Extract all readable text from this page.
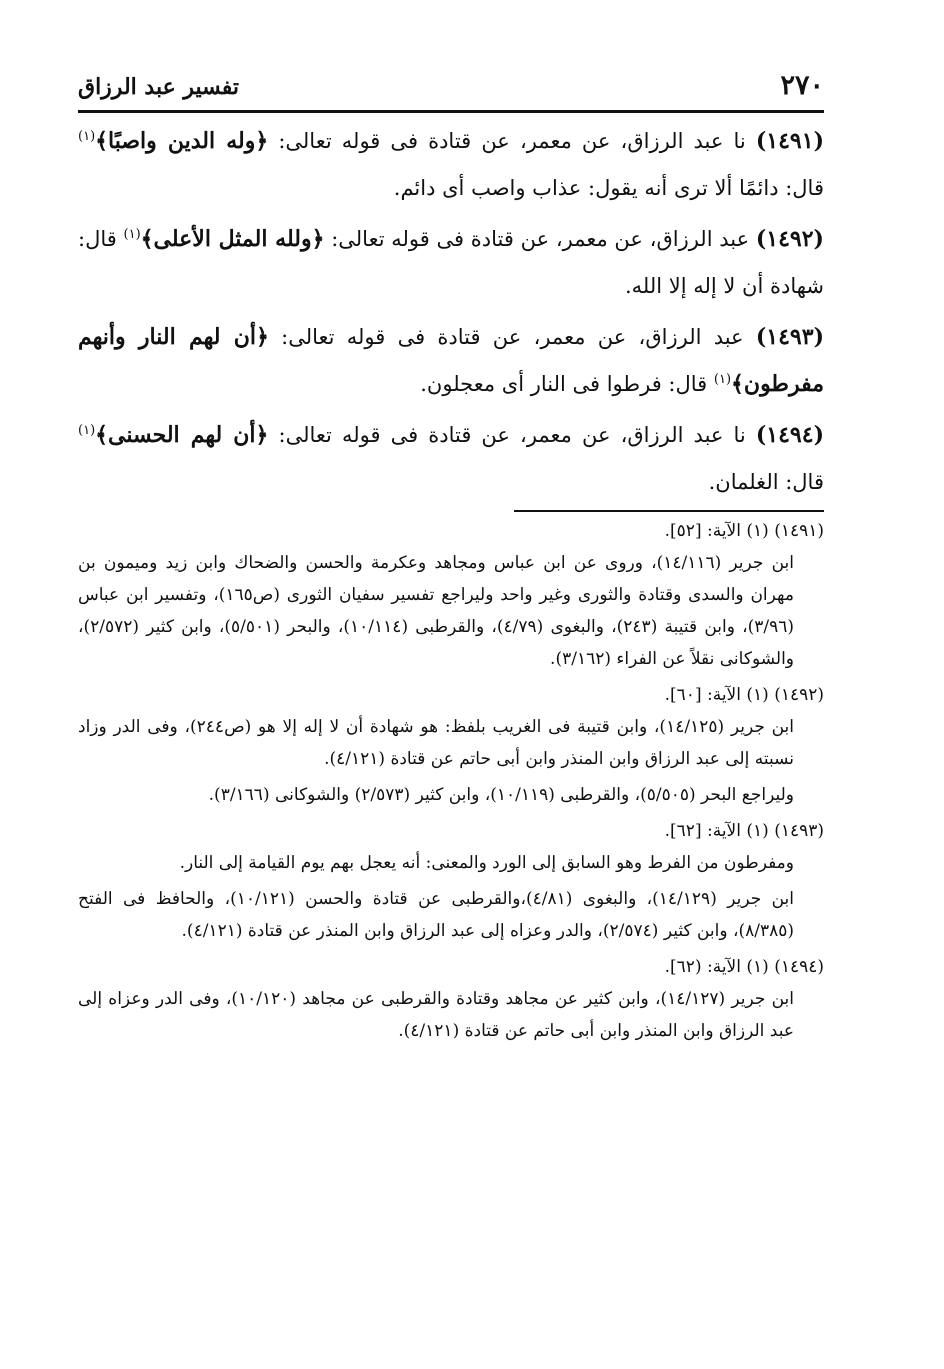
٢٧٠
تفسير عبد الرزاق

(١٤٩١) نا عبد الرزاق، عن معمر، عن قتادة فى قوله تعالى: ﴿وله الدين واصبًا﴾$^{(١)}$ قال: دائمًا ألا ترى أنه يقول: عذاب واصب أى دائم.

(١٤٩٢) عبد الرزاق، عن معمر، عن قتادة فى قوله تعالى: ﴿ولله المثل الأعلى﴾$^{(١)}$ قال: شهادة أن لا إله إلا الله.

(١٤٩٣) عبد الرزاق، عن معمر، عن قتادة فى قوله تعالى: ﴿أن لهم النار وأنهم مفرطون﴾$^{(١)}$ قال: فرطوا فى النار أى معجلون.

(١٤٩٤) نا عبد الرزاق، عن معمر، عن قتادة فى قوله تعالى: ﴿أن لهم الحسنى﴾$^{(١)}$ قال: الغلمان.

(١٤٩١) (١) الآية: [٥٢].

ابن جرير (١٤/١١٦)، وروى عن ابن عباس ومجاهد وعكرمة والحسن والضحاك وابن زيد وميمون بن مهران والسدى وقتادة والثورى وغير واحد وليراجع تفسير سفيان الثورى (ص١٦٥)، وتفسير ابن عباس (٣/٩٦)، وابن قتيبة (٢٤٣)، والبغوى (٤/٧٩)، والقرطبى (١٠/١١٤)، والبحر (٥/٥٠١)، وابن كثير (٢/٥٧٢)، والشوكانى نقلاً عن الفراء (٣/١٦٢).

(١٤٩٢) (١) الآية: [٦٠].

ابن جرير (١٤/١٢٥)، وابن قتيبة فى الغريب بلفظ: هو شهادة أن لا إله إلا هو (ص٢٤٤)، وفى الدر وزاد نسبته إلى عبد الرزاق وابن المنذر وابن أبى حاتم عن قتادة (٤/١٢١).

وليراجع البحر (٥/٥٠٥)، والقرطبى (١٠/١١٩)، وابن كثير (٢/٥٧٣) والشوكانى (٣/١٦٦).

(١٤٩٣) (١) الآية: [٦٢].

ومفرطون من الفرط وهو السابق إلى الورد والمعنى: أنه يعجل بهم يوم القيامة إلى النار.

ابن جرير (١٤/١٢٩)، والبغوى (٤/٨١)،والقرطبى عن قتادة والحسن (١٠/١٢١)، والحافظ فى الفتح (٨/٣٨٥)، وابن كثير (٢/٥٧٤)، والدر وعزاه إلى عبد الرزاق وابن المنذر عن قتادة (٤/١٢١).

(١٤٩٤) (١) الآية: (٦٢].

ابن جرير (١٤/١٢٧)، وابن كثير عن مجاهد وقتادة والقرطبى عن مجاهد (١٠/١٢٠)، وفى الدر وعزاه إلى عبد الرزاق وابن المنذر وابن أبى حاتم عن قتادة (٤/١٢١).
